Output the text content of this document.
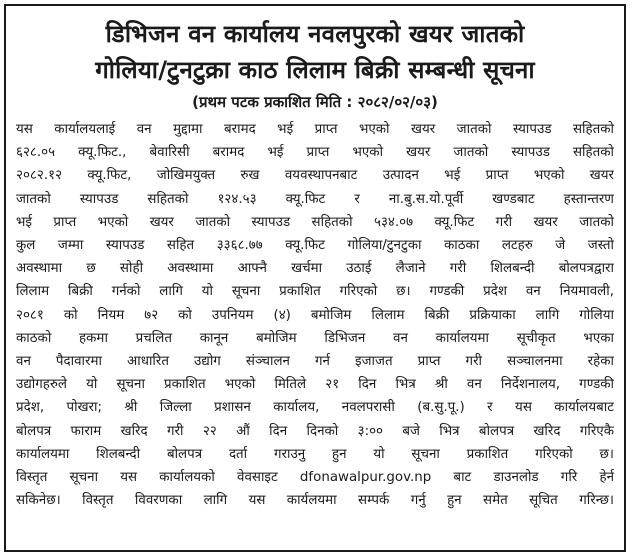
डिभिजन वन कार्यालय नवलपुरको खयर जातको
गोलिया/टुनटुक्रा काठ लिलाम बिक्री सम्बन्धी सूचना
(प्रथम पटक प्रकाशित मिति : २०८२/०२/०३)
यस कार्यालयलाई वन मुद्दामा बरामद भई प्राप्त भएको खयर जातको स्यापउड सहितको
६२८.०५ क्यू.फिट., बेवारिसी बरामद भई प्राप्त भएको खयर जातको स्यापउड सहितको
२०८२.१२ क्यू.फिट, जोखिमयुक्त रुख वयवस्थापनबाट उत्पादन भई प्राप्त भएको खयर
जातको स्यापउड सहितको १२४.५३ क्यू.फिट र ना.बु.स.यो.पूर्वी खण्डबाट हस्तान्तरण
भई प्राप्त भएको खयर जातको स्यापउड सहितको ५३४.०७ क्यू.फिट गरी खयर जातको
कुल जम्मा स्यापउड सहित ३३६८.७७ क्यू.फिट गोलिया/टुनटुका काठका लटहरु जे जस्तो
अवस्थामा छ सोही अवस्थामा आफ्नै खर्चमा उठाई लैजाने गरी शिलबन्दी बोलपत्रद्वारा
लिलाम बिक्री गर्नको लागि यो सूचना प्रकाशित गरिएको छ। गण्डकी प्रदेश वन नियमावली,
२०८१ को नियम ७२ को उपनियम (४) बमोजिम लिलाम बिक्री प्रक्रियाका लागि गोलिया
काठको हकमा प्रचलित कानून बमोजिम डिभिजन वन कार्यालयमा सूचीकृत भएका
वन पैदावारमा आधारित उद्योग संञ्चालन गर्न इजाजत प्राप्त गरी सञ्चालनमा रहेका
उद्योगहरुले यो सूचना प्रकाशित भएको मितिले २१ दिन भित्र श्री वन निर्देशनालय, गण्डकी
प्रदेश, पोखरा; श्री जिल्ला प्रशासन कार्यालय, नवलपरासी (ब.सु.पू.) र यस कार्यालयबाट
बोलपत्र फाराम खरिद गरी २२ औं दिन दिनको ३:०० बजे भित्र बोलपत्र खरिद गरिएकै
कार्यालयमा शिलबन्दी बोलपत्र दर्ता गराउनु हुन यो सूचना प्रकाशित गरिएको छ।
विस्तृत सूचना यस कार्यालयको वेवसाइट dfonawalpur.gov.np बाट डाउनलोड गरि हेर्न
सकिनेछ। विस्तृत विवरणका लागि यस कार्यलयमा सम्पर्क गर्नु हुन समेत सूचित गरिन्छ।
